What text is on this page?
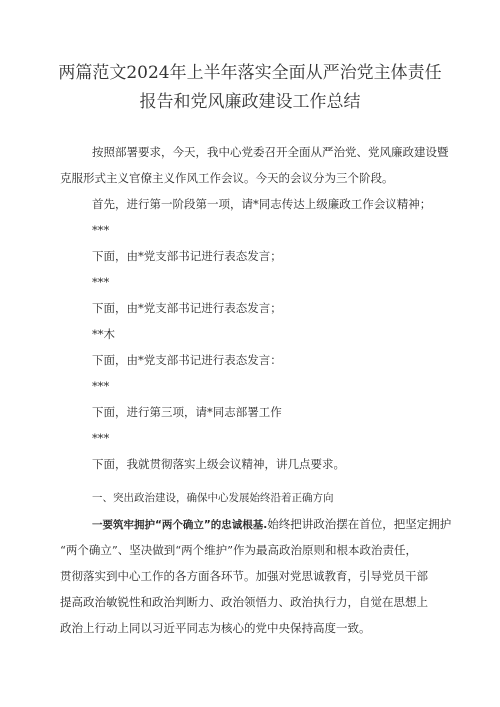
两篇范文2024年上半年落实全面从严治党主体责任
报告和党风廉政建设工作总结
按照部署要求，今天，我中心党委召开全面从严治党、党风廉政建设暨
克服形式主义官僚主义作风工作会议。今天的会议分为三个阶段。
首先，进行第一阶段第一项，请*同志传达上级廉政工作会议精神；
***
下面，由*党支部书记进行表态发言；
***
下面，由*党支部书记进行表态发言；
**木
下面，由*党支部书记进行表态发言：
***
下面，进行第三项，请*同志部署工作
***
下面，我就贯彻落实上级会议精神，讲几点要求。
一、突出政治建设，确保中心发展始终沿着正确方向
一要筑牢拥护“两个确立”的忠诚根基.始终把讲政治摆在首位，把坚定拥护
“两个确立”、坚决做到“两个维护”作为最高政治原则和根本政治责任，
贯彻落实到中心工作的各方面各环节。加强对党思诚教育，引导党员干部
提高政治敏锐性和政治判断力、政治领悟力、政治执行力，自觉在思想上
政治上行动上同以习近平同志为核心的党中央保持高度一致。
